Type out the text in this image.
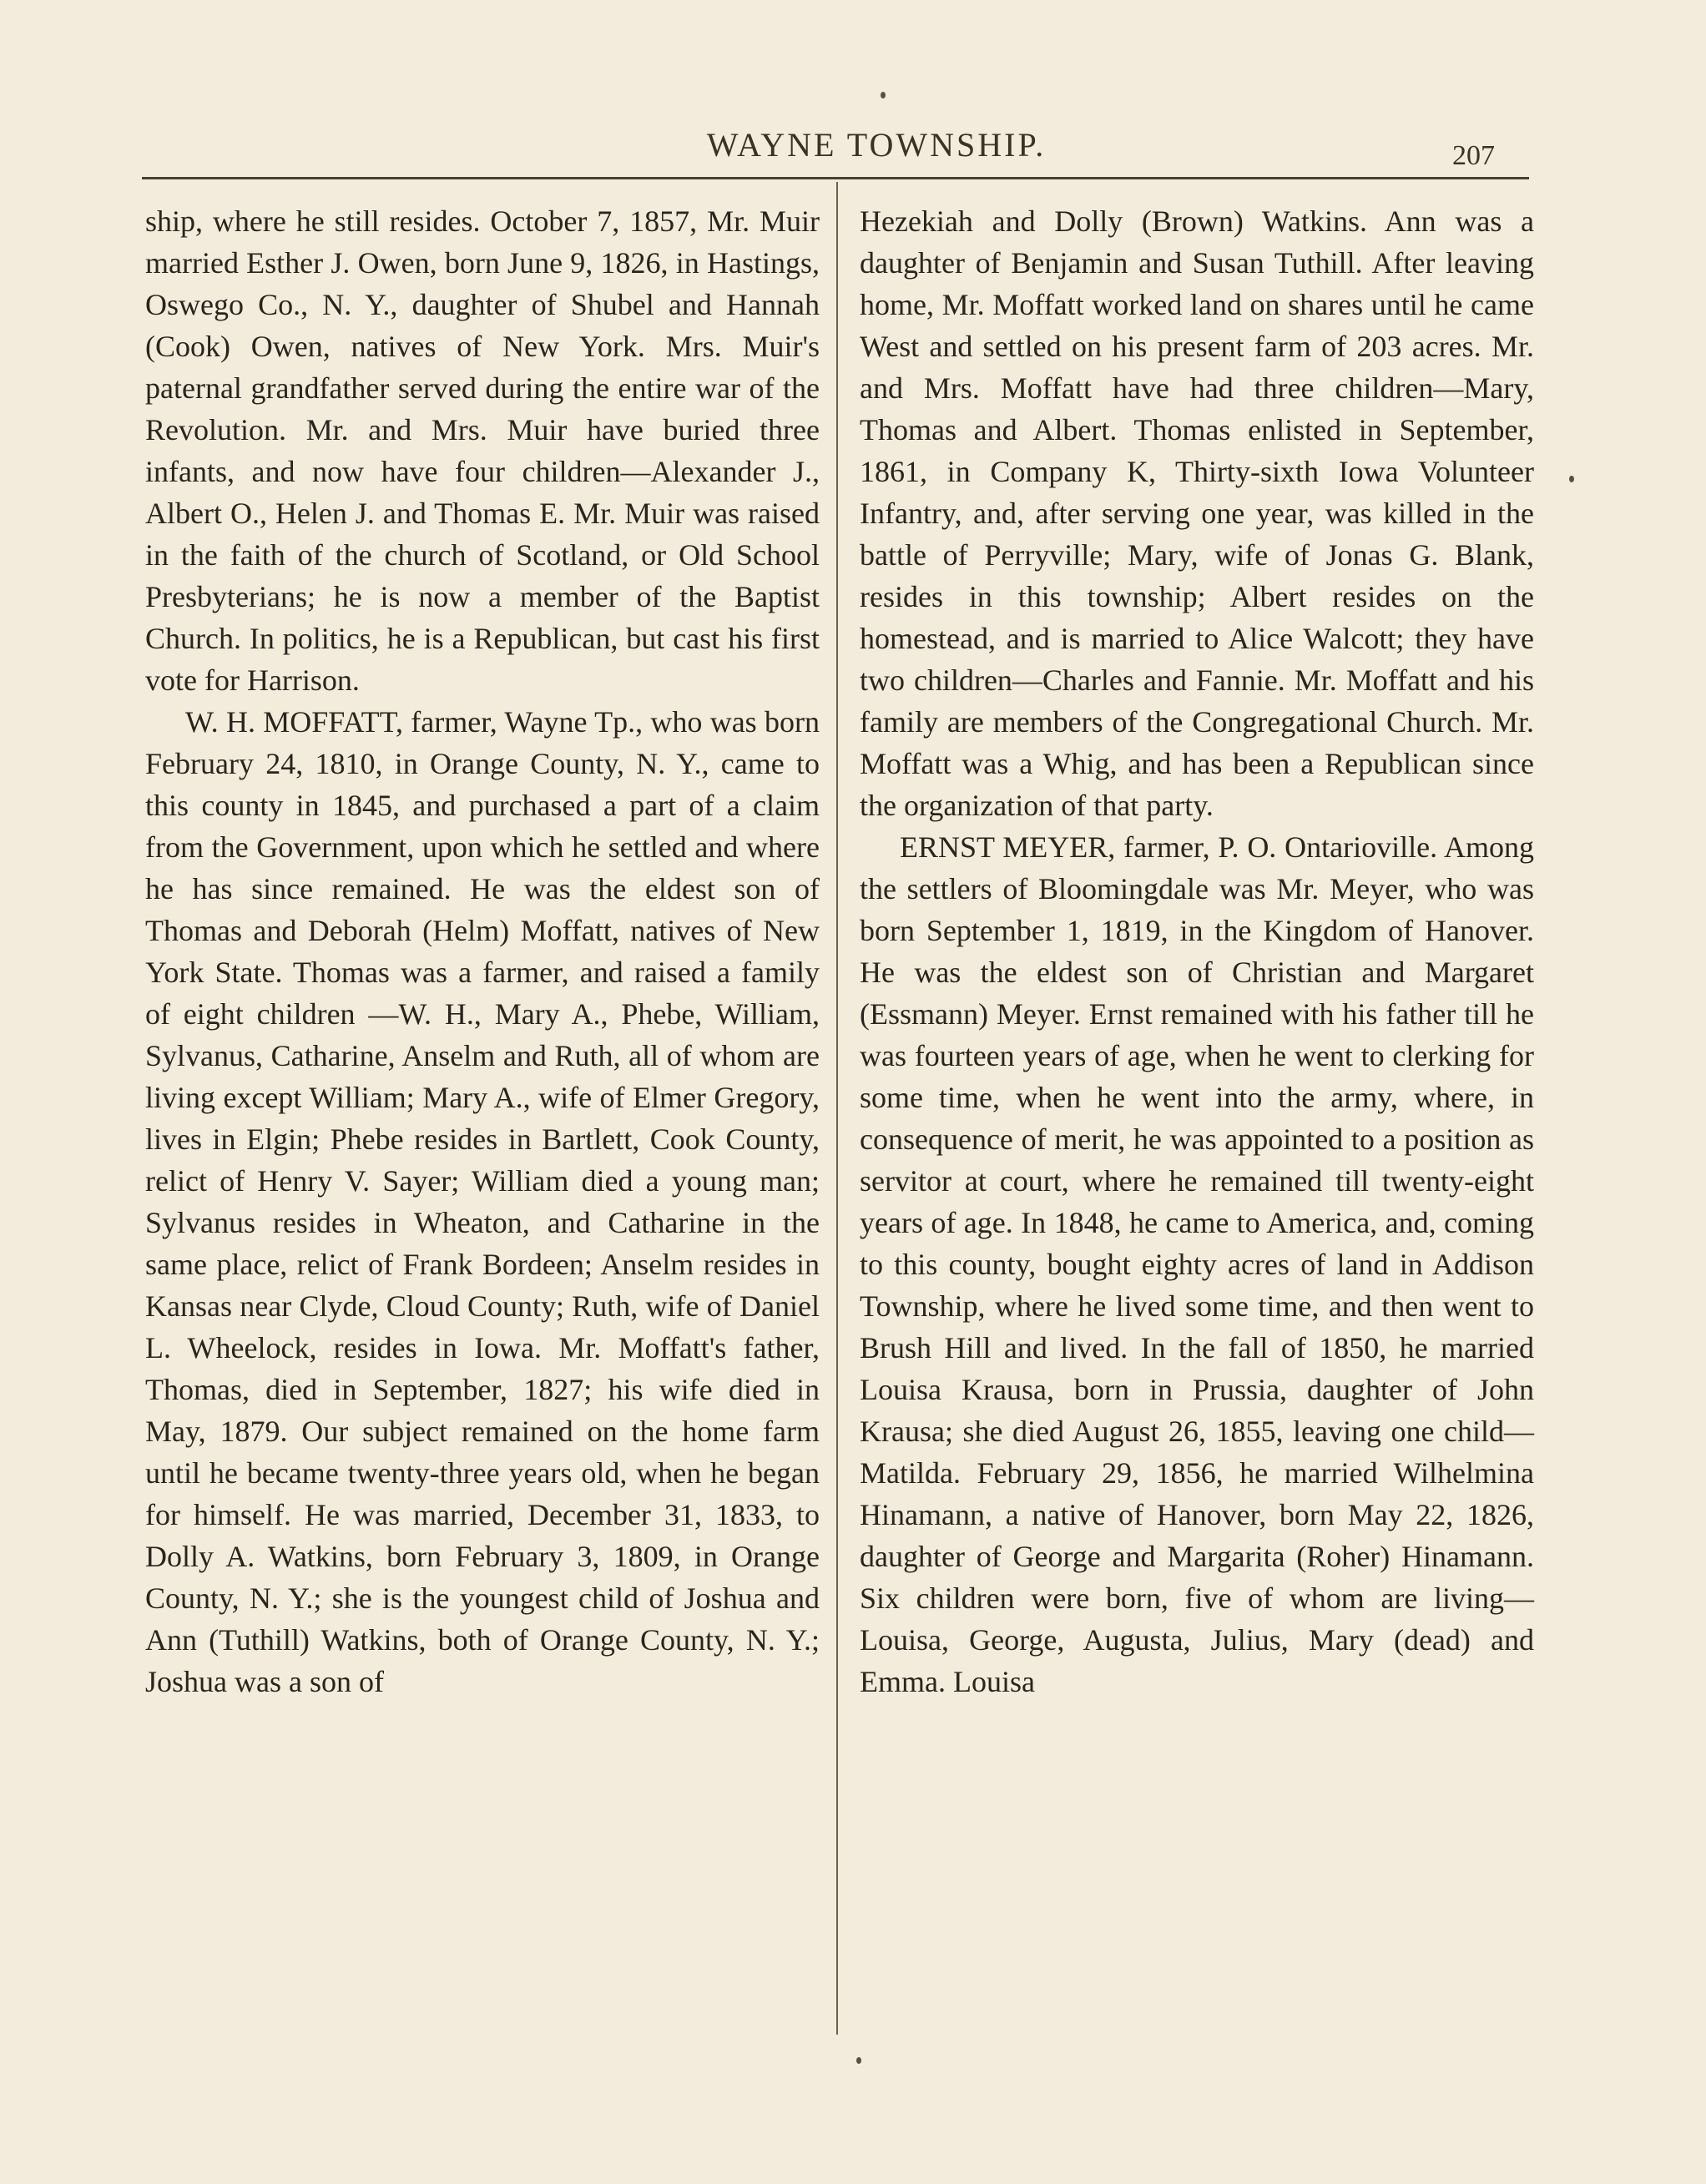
WAYNE TOWNSHIP.	207

ship, where he still resides. October 7, 1857, Mr. Muir married Esther J. Owen, born June 9, 1826, in Hastings, Oswego Co., N. Y., daughter of Shubel and Hannah (Cook) Owen, natives of New York. Mrs. Muir's paternal grandfather served during the entire war of the Revolution. Mr. and Mrs. Muir have buried three infants, and now have four children—Alexander J., Albert O., Helen J. and Thomas E. Mr. Muir was raised in the faith of the church of Scotland, or Old School Presbyterians; he is now a member of the Baptist Church. In politics, he is a Republican, but cast his first vote for Harrison.

W. H. MOFFATT, farmer, Wayne Tp., who was born February 24, 1810, in Orange County, N. Y., came to this county in 1845, and purchased a part of a claim from the Government, upon which he settled and where he has since remained. He was the eldest son of Thomas and Deborah (Helm) Moffatt, natives of New York State. Thomas was a farmer, and raised a family of eight children —W. H., Mary A., Phebe, William, Sylvanus, Catharine, Anselm and Ruth, all of whom are living except William; Mary A., wife of Elmer Gregory, lives in Elgin; Phebe resides in Bartlett, Cook County, relict of Henry V. Sayer; William died a young man; Sylvanus resides in Wheaton, and Catharine in the same place, relict of Frank Bordeen; Anselm resides in Kansas near Clyde, Cloud County; Ruth, wife of Daniel L. Wheelock, resides in Iowa. Mr. Moffatt's father, Thomas, died in September, 1827; his wife died in May, 1879. Our subject remained on the home farm until he became twenty-three years old, when he began for himself. He was married, December 31, 1833, to Dolly A. Watkins, born February 3, 1809, in Orange County, N. Y.; she is the youngest child of Joshua and Ann (Tuthill) Watkins, both of Orange County, N. Y.; Joshua was a son of

Hezekiah and Dolly (Brown) Watkins. Ann was a daughter of Benjamin and Susan Tuthill. After leaving home, Mr. Moffatt worked land on shares until he came West and settled on his present farm of 203 acres. Mr. and Mrs. Moffatt have had three children—Mary, Thomas and Albert. Thomas enlisted in September, 1861, in Company K, Thirty-sixth Iowa Volunteer Infantry, and, after serving one year, was killed in the battle of Perryville; Mary, wife of Jonas G. Blank, resides in this township; Albert resides on the homestead, and is married to Alice Walcott; they have two children—Charles and Fannie. Mr. Moffatt and his family are members of the Congregational Church. Mr. Moffatt was a Whig, and has been a Republican since the organization of that party.

ERNST MEYER, farmer, P. O. Ontarioville. Among the settlers of Bloomingdale was Mr. Meyer, who was born September 1, 1819, in the Kingdom of Hanover. He was the eldest son of Christian and Margaret (Essmann) Meyer. Ernst remained with his father till he was fourteen years of age, when he went to clerking for some time, when he went into the army, where, in consequence of merit, he was appointed to a position as servitor at court, where he remained till twenty-eight years of age. In 1848, he came to America, and, coming to this county, bought eighty acres of land in Addison Township, where he lived some time, and then went to Brush Hill and lived. In the fall of 1850, he married Louisa Krausa, born in Prussia, daughter of John Krausa; she died August 26, 1855, leaving one child—Matilda. February 29, 1856, he married Wilhelmina Hinamann, a native of Hanover, born May 22, 1826, daughter of George and Margarita (Roher) Hinamann. Six children were born, five of whom are living—Louisa, George, Augusta, Julius, Mary (dead) and Emma. Louisa
